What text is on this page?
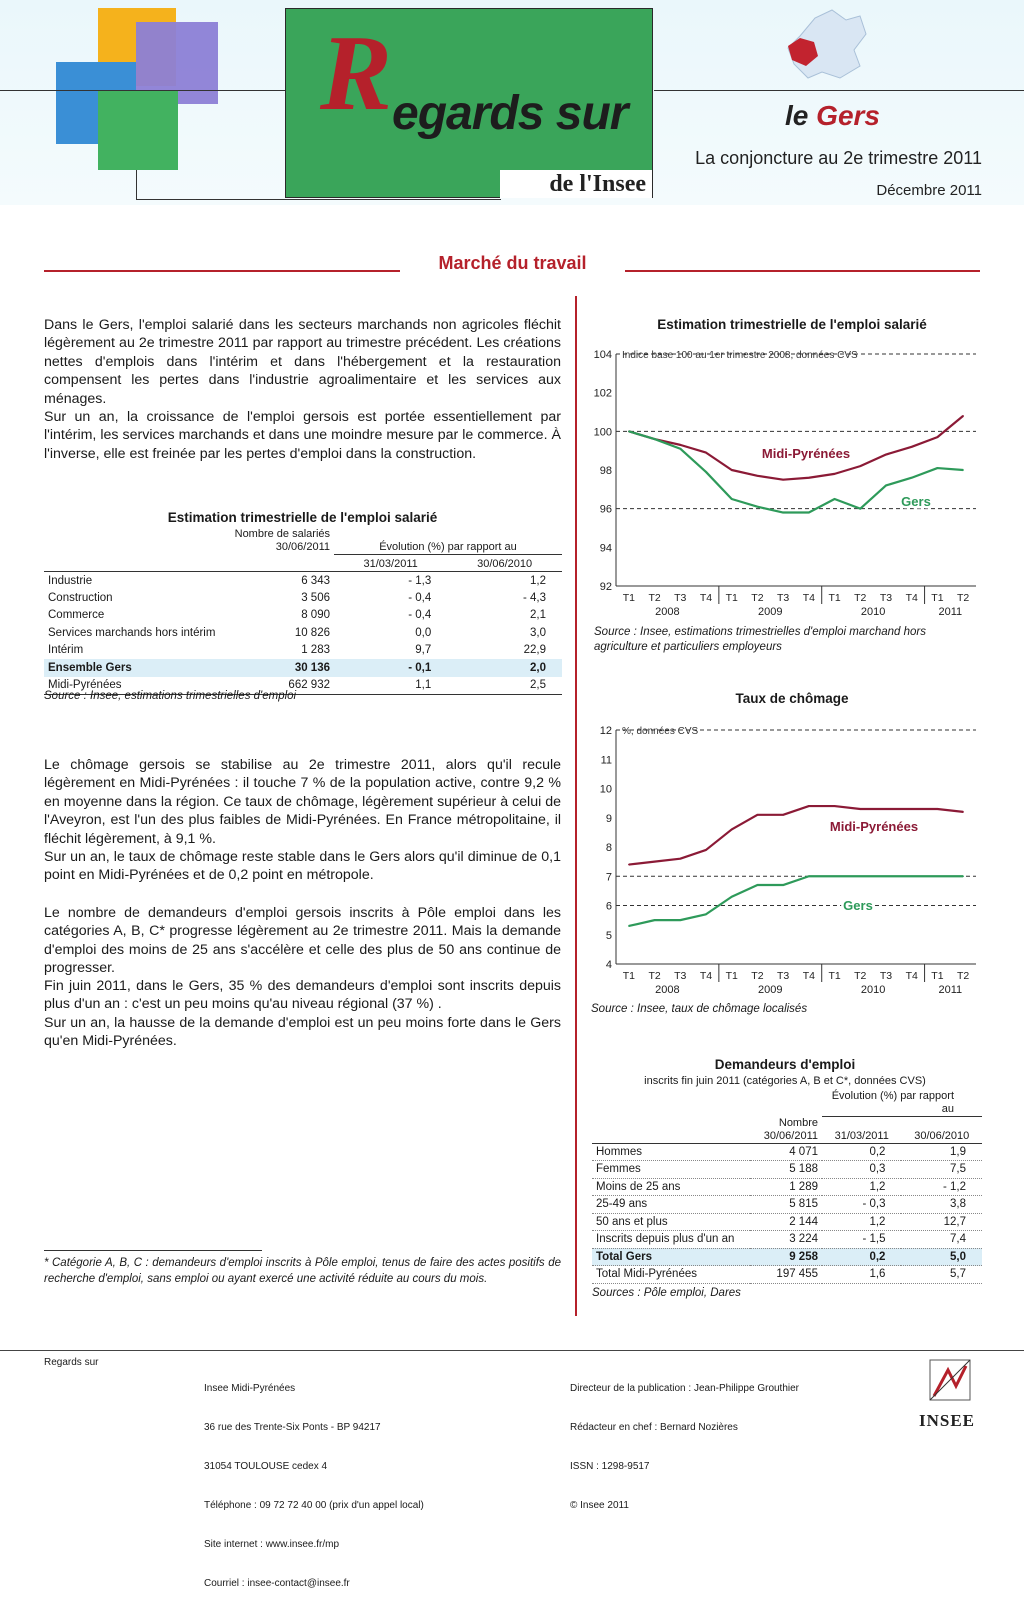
R egards sur
de l'Insee
le Gers
La conjoncture au 2e trimestre 2011
Décembre 2011
Marché du travail
Dans le Gers, l'emploi salarié dans les secteurs marchands non agricoles fléchit légèrement au 2e trimestre 2011 par rapport au trimestre précédent. Les créations nettes d'emplois dans l'intérim et dans l'hébergement et la restauration compensent les pertes dans l'industrie agroalimentaire et les services aux ménages.
Sur un an, la croissance de l'emploi gersois est portée essentiellement par l'intérim, les services marchands et dans une moindre mesure par le commerce. À l'inverse, elle est freinée par les pertes d'emploi dans la construction.
Estimation trimestrielle de l'emploi salarié
	Nombre de salariés 30/06/2011	Évolution (%) par rapport au	
		31/03/2011	30/06/2010
Industrie	6 343	- 1,3	1,2
Construction	3 506	- 0,4	- 4,3
Commerce	8 090	- 0,4	2,1
Services marchands hors intérim	10 826	0,0	3,0
Intérim	1 283	9,7	22,9
Ensemble Gers	30 136	- 0,1	2,0
Midi-Pyrénées	662 932	1,1	2,5
Source : Insee, estimations trimestrielles d'emploi
Le chômage gersois se stabilise au 2e trimestre 2011, alors qu'il recule légèrement en Midi-Pyrénées : il touche 7 % de la population active, contre 9,2 % en moyenne dans la région. Ce taux de chômage, légèrement supérieur à celui de l'Aveyron, est l'un des plus faibles de Midi-Pyrénées. En France métropolitaine, il fléchit légèrement, à 9,1 %.
Sur un an, le taux de chômage reste stable dans le Gers alors qu'il diminue de 0,1 point en Midi-Pyrénées et de 0,2 point en métropole.
Le nombre de demandeurs d'emploi gersois inscrits à Pôle emploi dans les catégories A, B, C* progresse légèrement au 2e trimestre 2011. Mais la demande d'emploi des moins de 25 ans s'accélère et celle des plus de 50 ans continue de progresser.
Fin juin 2011, dans le Gers, 35 % des demandeurs d'emploi sont inscrits depuis plus d'un an : c'est un peu moins qu'au niveau régional (37 %) .
Sur un an, la hausse de la demande d'emploi est un peu moins forte dans le Gers qu'en Midi-Pyrénées.
* Catégorie A, B, C : demandeurs d'emploi inscrits à Pôle emploi, tenus de faire des actes positifs de recherche d'emploi, sans emploi ou ayant exercé une activité réduite au cours du mois.
Estimation trimestrielle de l'emploi salarié
92
94
96
98
100
102
104 Indice base 100 au 1er trimestre 2008, données CVS
T1 T2 T3 T4 T1 T2 T3 T4 T1 T2 T3 T4 T1 T2
2008	2009	2010	2011
Midi-Pyrénées
Gers
Source : Insee, estimations trimestrielles d'emploi marchand hors agriculture et particuliers employeurs
Taux de chômage
4
5
6
7
8
9
10
11
12 %, données CVS
T1 T2 T3 T4 T1 T2 T3 T4 T1 T2 T3 T4 T1 T2
2008	2009	2010	2011
Midi-Pyrénées
Gers
Source : Insee, taux de chômage localisés
Demandeurs d'emploi
inscrits fin juin 2011 (catégories A, B et C*, données CVS)
		Évolution (%) par rapport au	
	Nombre 30/06/2011	31/03/2011	30/06/2010
Hommes	4 071	0,2	1,9
Femmes	5 188	0,3	7,5
Moins de 25 ans	1 289	1,2	- 1,2
25-49 ans	5 815	- 0,3	3,8
50 ans et plus	2 144	1,2	12,7
Inscrits depuis plus d'un an	3 224	- 1,5	7,4
Total Gers	9 258	0,2	5,0
Total Midi-Pyrénées	197 455	1,6	5,7
Sources : Pôle emploi, Dares
Regards sur

Insee Midi-Pyrénées

36 rue des Trente-Six Ponts - BP 94217

31054 TOULOUSE cedex 4

Téléphone : 09 72 72 40 00 (prix d'un appel local)

Site internet : www.insee.fr/mp

Courriel : insee-contact@insee.fr

Directeur de la publication : Jean-Philippe Grouthier

Rédacteur en chef : Bernard Nozières

ISSN : 1298-9517

© Insee 2011

INSEE
